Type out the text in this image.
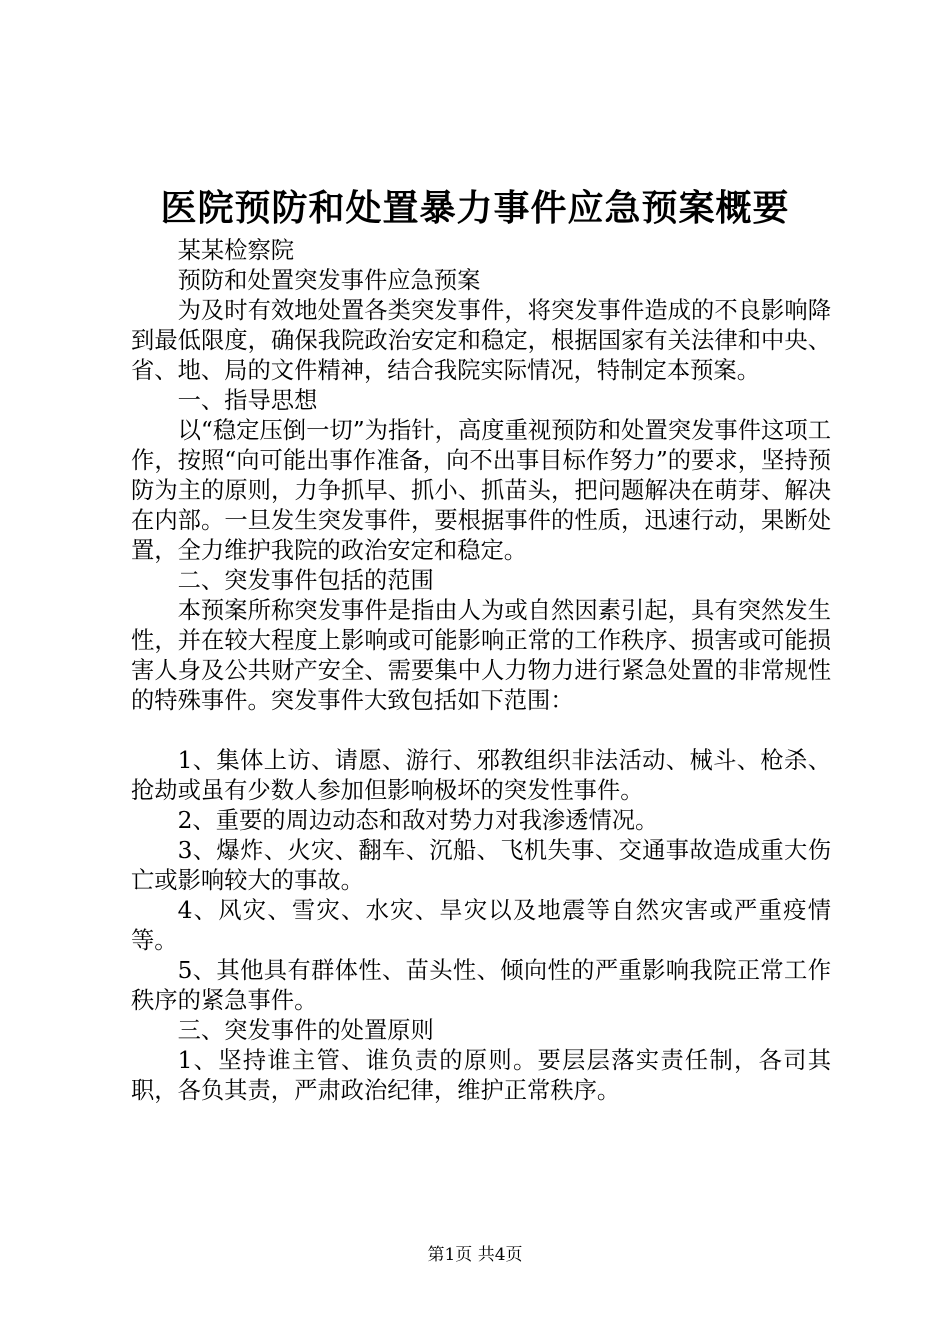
医院预防和处置暴力事件应急预案概要

某某检察院

预防和处置突发事件应急预案

为及时有效地处置各类突发事件，将突发事件造成的不良影响降到最低限度，确保我院政治安定和稳定，根据国家有关法律和中央、省、地、局的文件精神，结合我院实际情况，特制定本预案。

一、指导思想

以“稳定压倒一切”为指针，高度重视预防和处置突发事件这项工作，按照“向可能出事作准备，向不出事目标作努力”的要求，坚持预防为主的原则，力争抓早、抓小、抓苗头，把问题解决在萌芽、解决在内部。一旦发生突发事件，要根据事件的性质，迅速行动，果断处置，全力维护我院的政治安定和稳定。

二、突发事件包括的范围

本预案所称突发事件是指由人为或自然因素引起，具有突然发生性，并在较大程度上影响或可能影响正常的工作秩序、损害或可能损害人身及公共财产安全、需要集中人力物力进行紧急处置的非常规性的特殊事件。突发事件大致包括如下范围：

1、集体上访、请愿、游行、邪教组织非法活动、械斗、枪杀、抢劫或虽有少数人参加但影响极坏的突发性事件。

2、重要的周边动态和敌对势力对我渗透情况。

3、爆炸、火灾、翻车、沉船、飞机失事、交通事故造成重大伤亡或影响较大的事故。

4、风灾、雪灾、水灾、旱灾以及地震等自然灾害或严重疫情等。

5、其他具有群体性、苗头性、倾向性的严重影响我院正常工作秩序的紧急事件。

三、突发事件的处置原则

1、坚持谁主管、谁负责的原则。要层层落实责任制，各司其职，各负其责，严肃政治纪律，维护正常秩序。

第1页 共4页
